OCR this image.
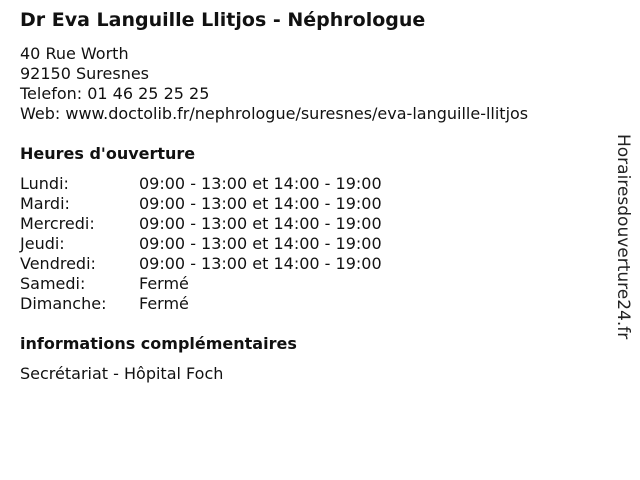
Dr Eva Languille Llitjos - Néphrologue
40 Rue Worth
92150 Suresnes
Telefon: 01 46 25 25 25
Web: www.doctolib.fr/nephrologue/suresnes/eva-languille-llitjos
Heures d'ouverture
Lundi:	09:00 - 13:00 et 14:00 - 19:00
Mardi:	09:00 - 13:00 et 14:00 - 19:00
Mercredi:	09:00 - 13:00 et 14:00 - 19:00
Jeudi:	09:00 - 13:00 et 14:00 - 19:00
Vendredi:	09:00 - 13:00 et 14:00 - 19:00
Samedi:	Fermé
Dimanche:	Fermé
informations complémentaires
Secrétariat - Hôpital Foch
Horairesdouverture24.fr
